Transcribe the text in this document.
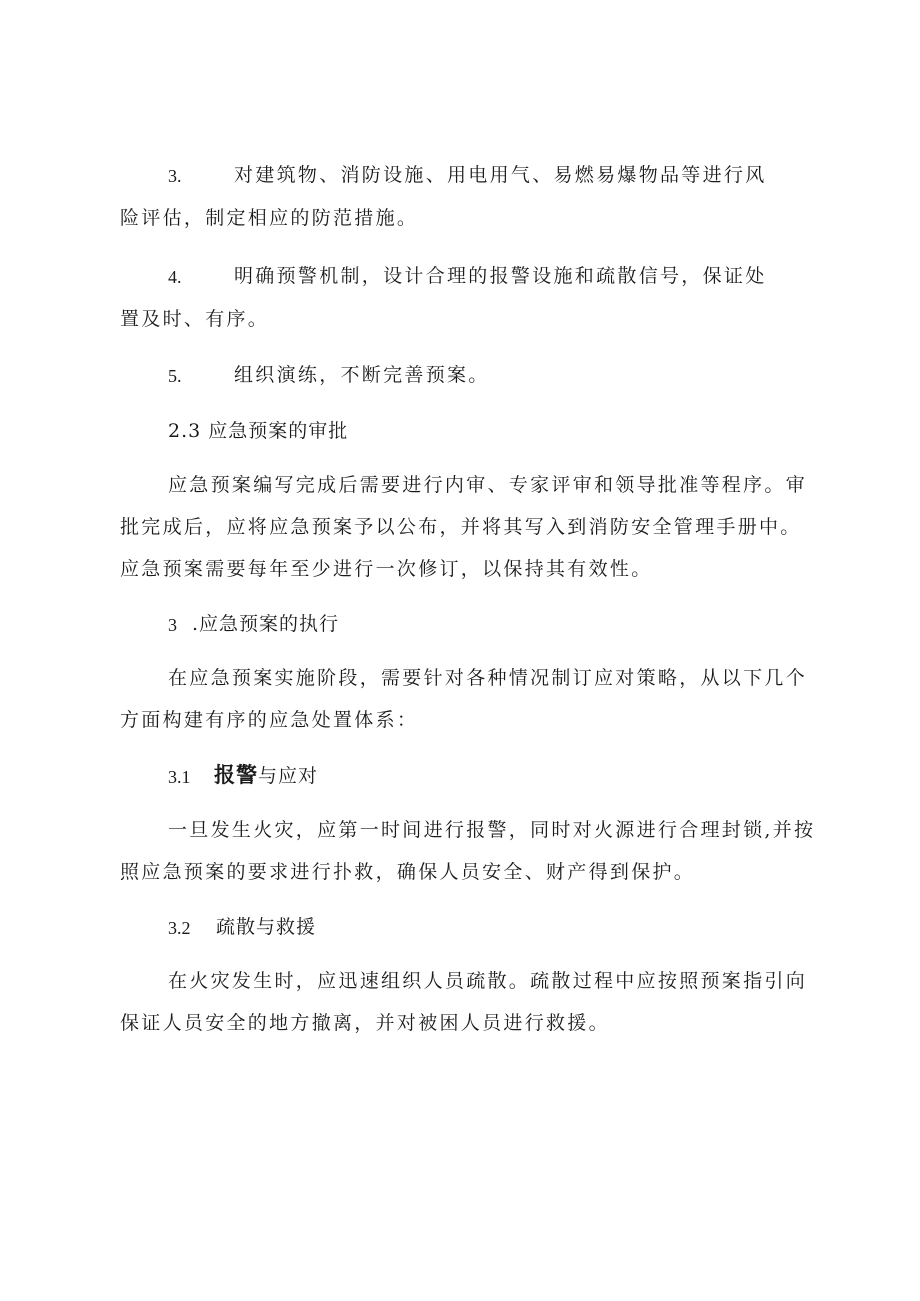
3.	对建筑物、消防设施、用电用气、易燃易爆物品等进行风
险评估，制定相应的防范措施。
4.	明确预警机制，设计合理的报警设施和疏散信号，保证处
置及时、有序。
5.	组织演练，不断完善预案。
2.3 应急预案的审批
应急预案编写完成后需要进行内审、专家评审和领导批准等程序。审
批完成后，应将应急预案予以公布，并将其写入到消防安全管理手册中。
应急预案需要每年至少进行一次修订，以保持其有效性。
3 .应急预案的执行
在应急预案实施阶段，需要针对各种情况制订应对策略，从以下几个
方面构建有序的应急处置体系：
3.1 报警与应对
一旦发生火灾，应第一时间进行报警，同时对火源进行合理封锁,并按
照应急预案的要求进行扑救，确保人员安全、财产得到保护。
3.2 疏散与救援
在火灾发生时，应迅速组织人员疏散。疏散过程中应按照预案指引向
保证人员安全的地方撤离，并对被困人员进行救援。
